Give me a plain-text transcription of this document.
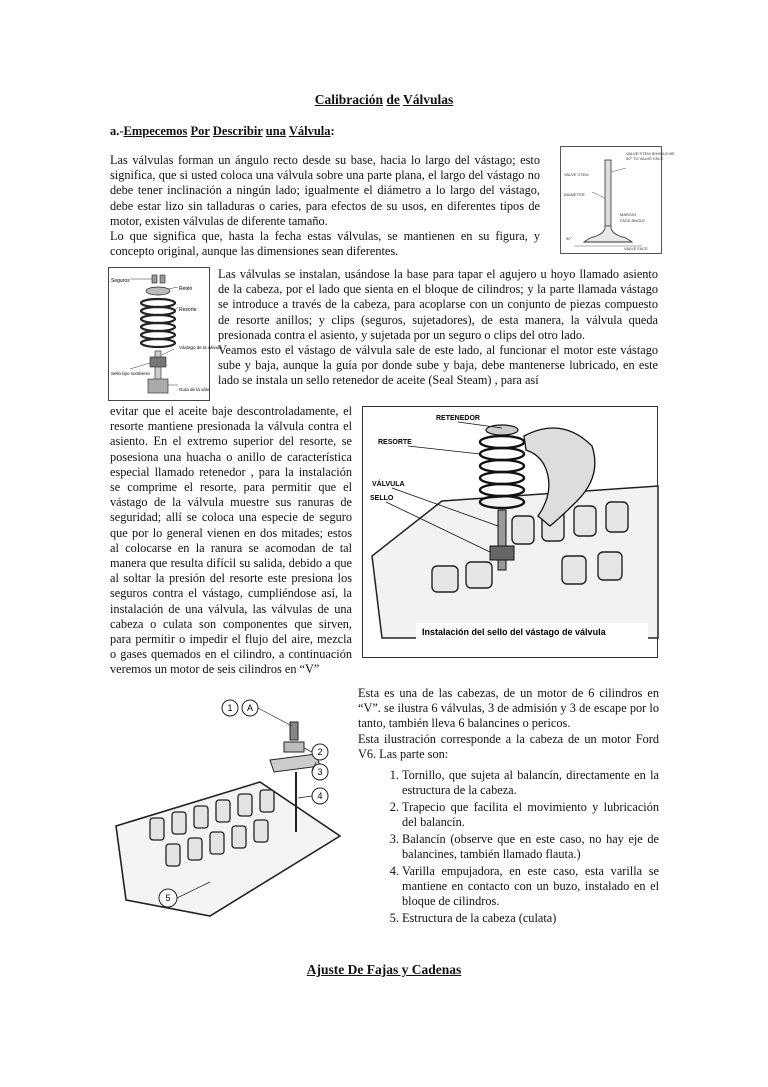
Calibración de Válvulas
a.-Empecemos Por Describir una Válvula:
Las válvulas forman un ángulo recto desde su base, hacia lo largo del vástago; esto significa, que si usted coloca una válvula sobre una parte plana, el largo del vástago no debe tener inclinación a ningún lado; igualmente el diámetro a lo largo del vástago, debe estar lizo sin talladuras o caries, para efectos de su usos, en diferentes tipos de motor, existen válvulas de diferente tamaño.
Lo que significa que, hasta la fecha estas válvulas, se mantienen en su figura, y concepto original, aunque las dimensiones sean diferentes.
VALVE STEM SHOULD BE
90° TO VALVE FACE
VALVE STEM
DIAMETER
MARGIN
FACE ANGLE
90°
VALVE FACE
Seguros
Retén
Resorte
Vástago de la válvula
Sello tipo sombrero
Guía de la válv.
Las válvulas se instalan, usándose la base para tapar el agujero u hoyo llamado asiento de la cabeza, por el lado que sienta en el bloque de cilindros; y la parte llamada vástago se introduce a través de la cabeza, para acoplarse con un conjunto de piezas compuesto de resorte anillos; y clips (seguros, sujetadores), de esta manera, la válvula queda presionada contra el asiento, y sujetada por un seguro o clips del otro lado.
Veamos esto el vástago de válvula sale de este lado, al funcionar el motor este vástago sube y baja, aunque la guía por donde sube y baja, debe mantenerse lubricado, en este lado se instala un sello retenedor de aceite (Seal Steam) , para así
evitar que el aceite baje descontroladamente, el resorte mantiene presionada la válvula contra el asiento. En el extremo superior del resorte, se posesiona una huacha o anillo de característica especial llamado retenedor , para la instalación se comprime el resorte, para permitir que el vástago de la válvula muestre sus ranuras de seguridad; allí se coloca una especie de seguro que por lo general vienen en dos mitades; estos al colocarse en la ranura se acomodan de tal manera que resulta difícil su salida, debido a que al soltar la presión del resorte este presiona los seguros contra el vástago, cumpliéndose así, la instalación de una válvula, las válvulas de una cabeza o culata son componentes que sirven, para permitir o impedir el flujo del aire, mezcla o gases quemados en el cilindro, a continuación veremos un motor de seis cilindros en “V”
RETENEDOR
RESORTE
VÁLVULA
SELLO
Instalación del sello del vástago de válvula
1 A
2
3
4
5
Esta es una de las cabezas, de un motor de 6 cilindros en “V”. se ilustra 6 válvulas, 3 de admisión y 3 de escape por lo tanto, también lleva 6 balancines o pericos.
Esta ilustración corresponde a la cabeza de un motor Ford V6. Las parte son:
1. Tornillo, que sujeta al balancín, directamente en la estructura de la cabeza.
2. Trapecio que facilita el movimiento y lubricación del balancín.
3. Balancín (observe que en este caso, no hay eje de balancines, también llamado flauta.)
4. Varilla empujadora, en este caso, esta varilla se mantiene en contacto con un buzo, instalado en el bloque de cilindros.
5. Estructura de la cabeza (culata)
Ajuste De Fajas y Cadenas
